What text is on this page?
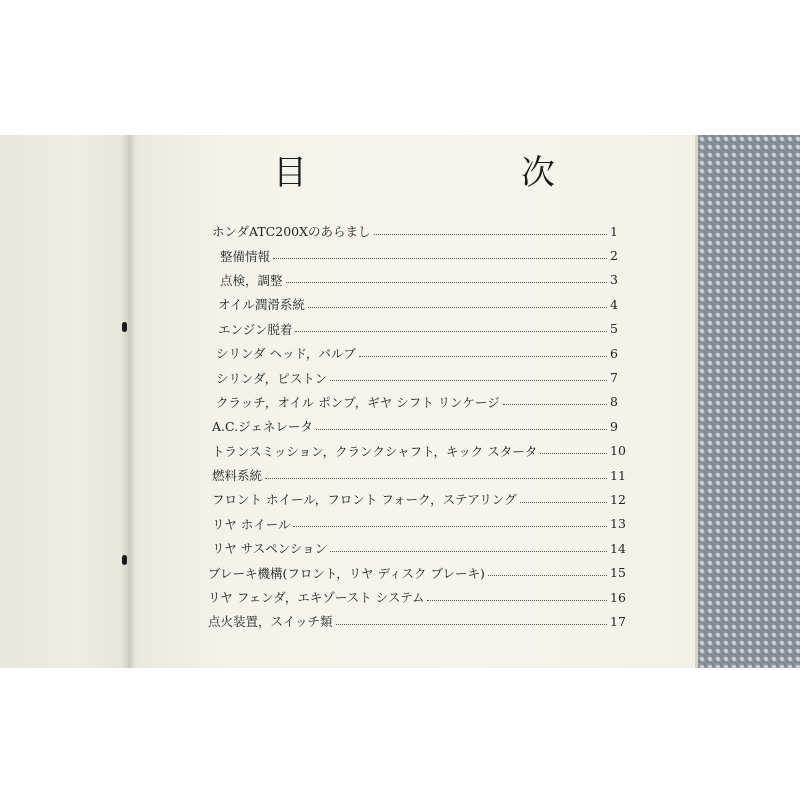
目　次
ホンダATC200Xのあらまし	1
整備情報	2
点検，調整	3
オイル潤滑系統	4
エンジン脱着	5
シリンダ ヘッド，バルブ	6
シリンダ，ピストン	7
クラッチ，オイル ポンプ，ギヤ シフト リンケージ	8
A.C.ジェネレータ	9
トランスミッション，クランクシャフト，キック スタータ	10
燃料系統	11
フロント ホイール，フロント フォーク，ステアリング	12
リヤ ホイール	13
リヤ サスペンション	14
ブレーキ機構(フロント，リヤ ディスク ブレーキ)	15
リヤ フェンダ，エキゾースト システム	16
点火装置，スイッチ類	17
